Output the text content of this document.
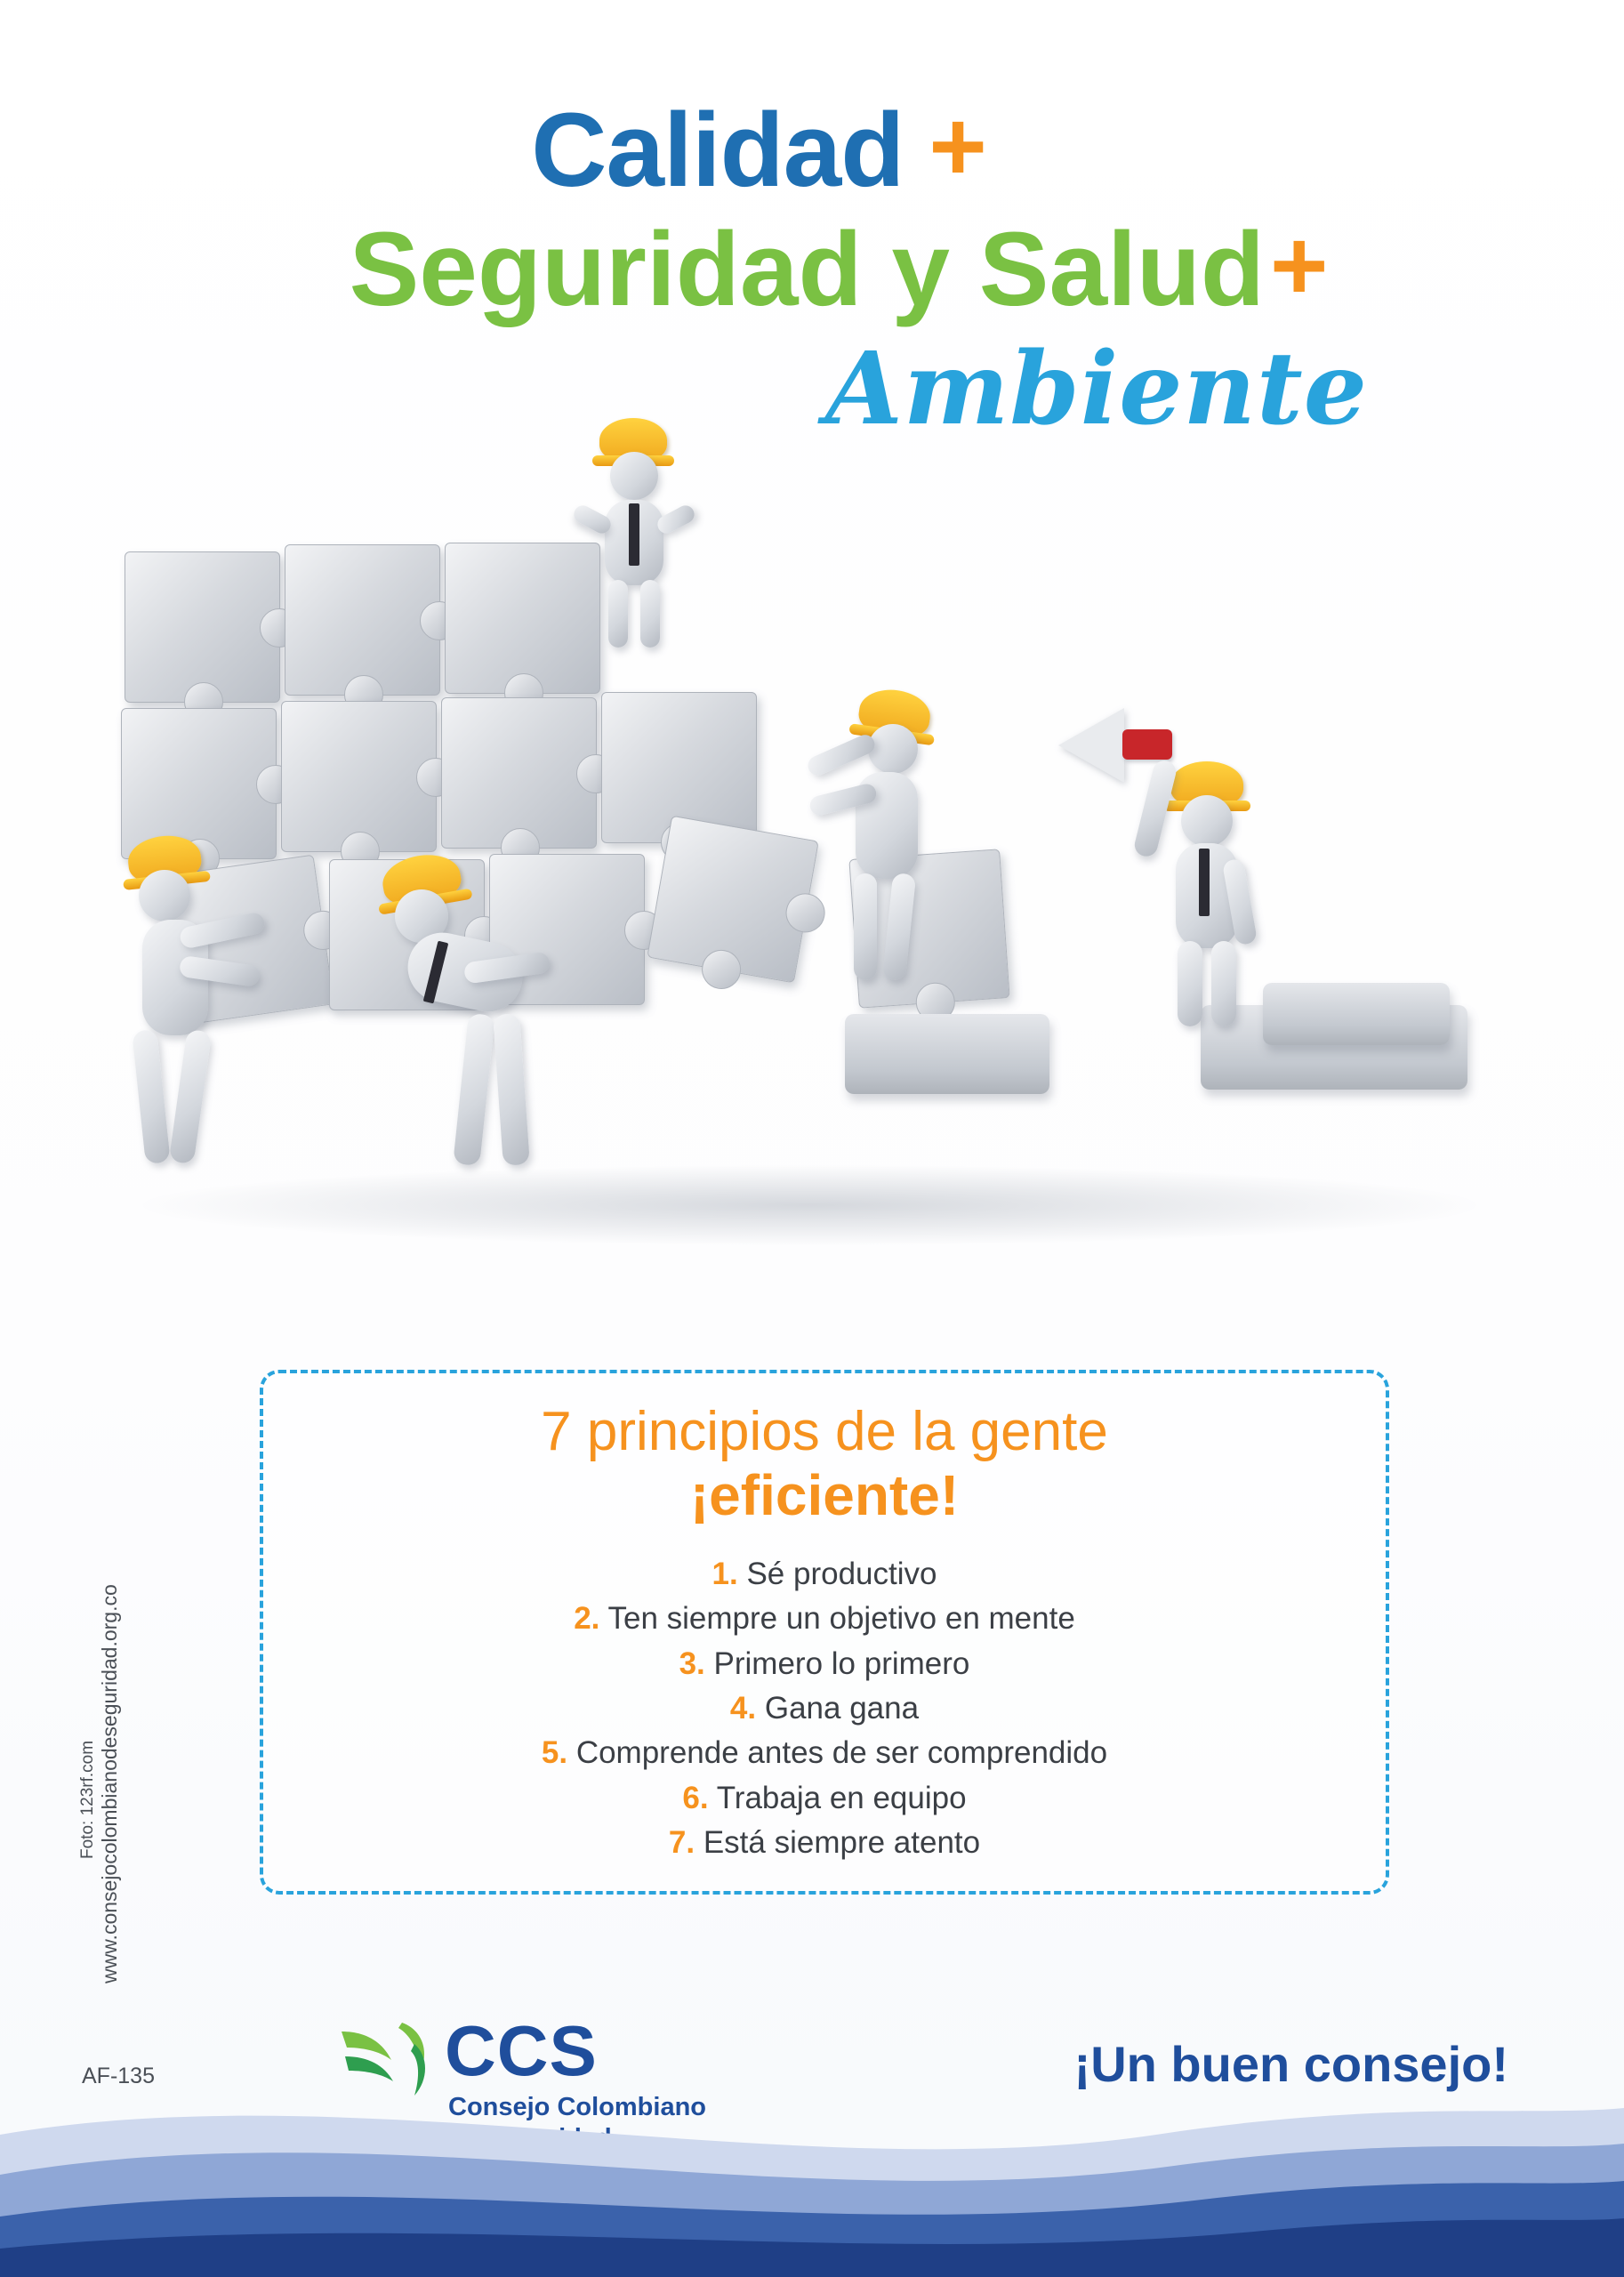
Calidad +
Seguridad y Salud+
Ambiente
7 principios de la gente
¡eficiente!
1. Sé productivo
2. Ten siempre un objetivo en mente
3. Primero lo primero
4. Gana gana
5. Comprende antes de ser comprendido
6. Trabaja en equipo
7. Está siempre atento
www.consejocolombianodeseguridad.org.co
Foto: 123rf.com
AF-135	CCS
Consejo Colombiano
¡Un buen consejo!
